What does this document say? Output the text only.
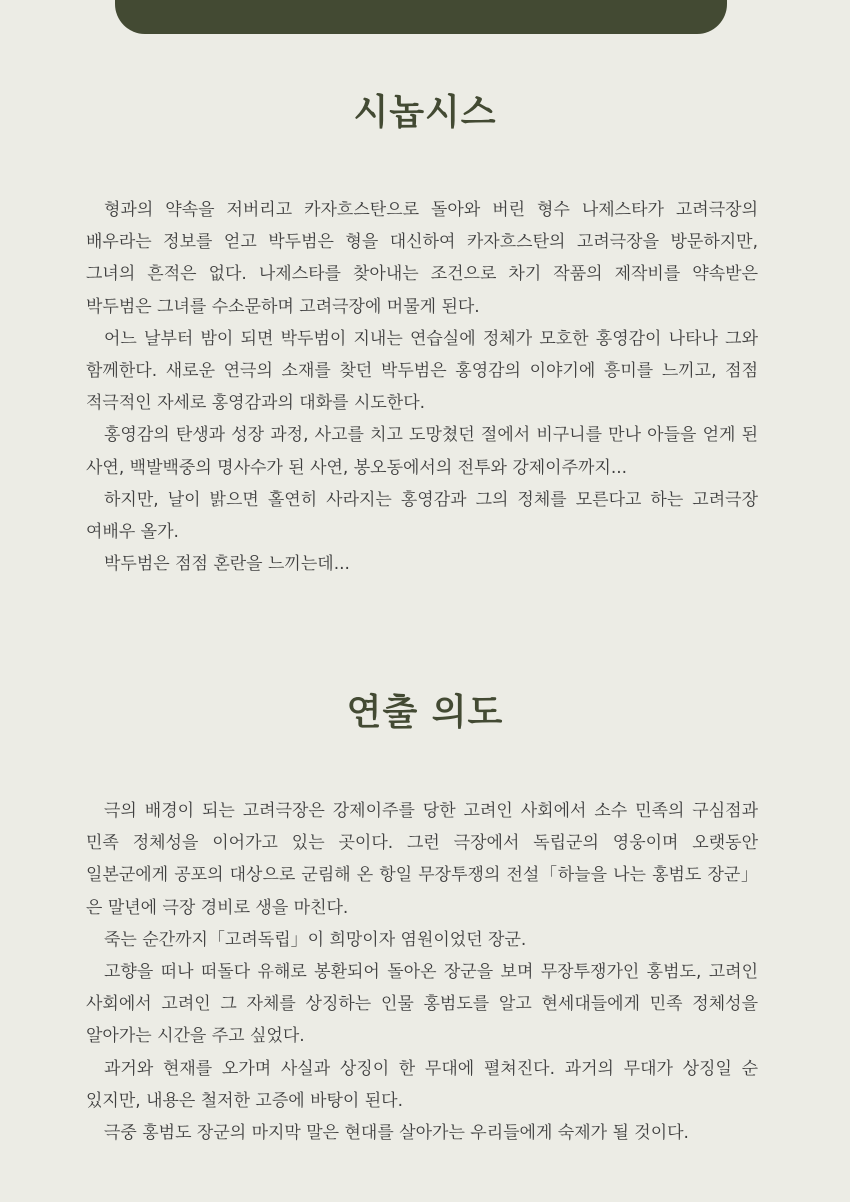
시놉시스

형과의 약속을 저버리고 카자흐스탄으로 돌아와 버린 형수 나제스타가 고려극장의 배우라는 정보를 얻고 박두범은 형을 대신하여 카자흐스탄의 고려극장을 방문하지만, 그녀의 흔적은 없다. 나제스타를 찾아내는 조건으로 차기 작품의 제작비를 약속받은 박두범은 그녀를 수소문하며 고려극장에 머물게 된다.

어느 날부터 밤이 되면 박두범이 지내는 연습실에 정체가 모호한 홍영감이 나타나 그와 함께한다. 새로운 연극의 소재를 찾던 박두범은 홍영감의 이야기에 흥미를 느끼고, 점점 적극적인 자세로 홍영감과의 대화를 시도한다.

홍영감의 탄생과 성장 과정, 사고를 치고 도망쳤던 절에서 비구니를 만나 아들을 얻게 된 사연, 백발백중의 명사수가 된 사연, 봉오동에서의 전투와 강제이주까지...

하지만, 날이 밝으면 홀연히 사라지는 홍영감과 그의 정체를 모른다고 하는 고려극장 여배우 올가.

박두범은 점점 혼란을 느끼는데...

연출 의도

극의 배경이 되는 고려극장은 강제이주를 당한 고려인 사회에서 소수 민족의 구심점과 민족 정체성을 이어가고 있는 곳이다. 그런 극장에서 독립군의 영웅이며 오랫동안 일본군에게 공포의 대상으로 군림해 온 항일 무장투쟁의 전설「하늘을 나는 홍범도 장군」은 말년에 극장 경비로 생을 마친다.

죽는 순간까지「고려독립」이 희망이자 염원이었던 장군.

고향을 떠나 떠돌다 유해로 봉환되어 돌아온 장군을 보며 무장투쟁가인 홍범도, 고려인 사회에서 고려인 그 자체를 상징하는 인물 홍범도를 알고 현세대들에게 민족 정체성을 알아가는 시간을 주고 싶었다.

과거와 현재를 오가며 사실과 상징이 한 무대에 펼쳐진다. 과거의 무대가 상징일 순 있지만, 내용은 철저한 고증에 바탕이 된다.

극중 홍범도 장군의 마지막 말은 현대를 살아가는 우리들에게 숙제가 될 것이다.
